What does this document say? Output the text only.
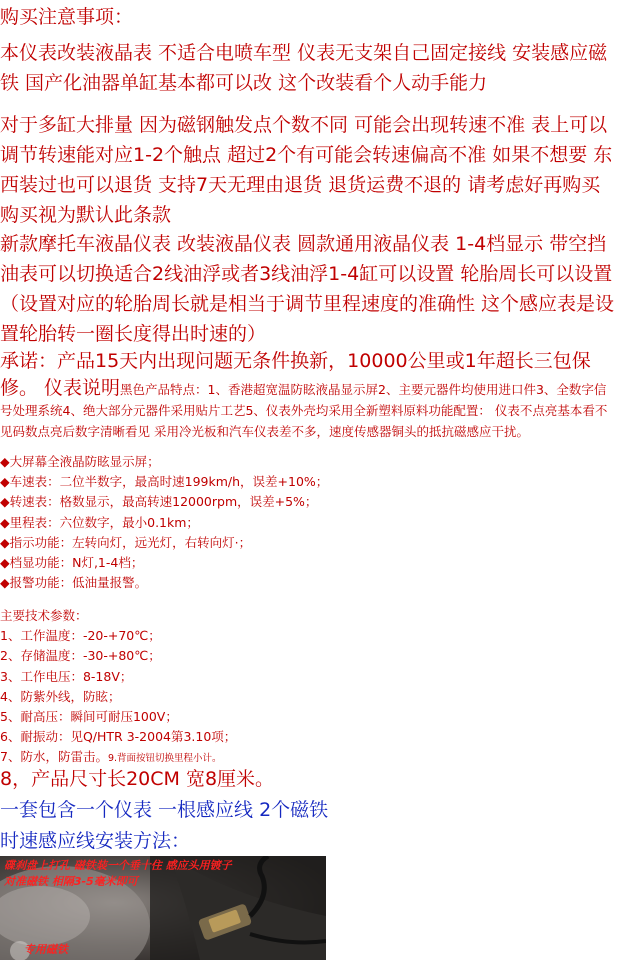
购买注意事项：

本仪表改装液晶表 不适合电喷车型 仪表无支架自己固定接线 安装感应磁铁 国产化油器单缸基本都可以改 这个改装看个人动手能力

对于多缸大排量 因为磁钢触发点个数不同 可能会出现转速不准 表上可以调节转速能对应1-2个触点 超过2个有可能会转速偏高不准 如果不想要 东西装过也可以退货 支持7天无理由退货 退货运费不退的 请考虑好再购买 购买视为默认此条款

新款摩托车液晶仪表 改装液晶仪表 圆款通用液晶仪表 1-4档显示 带空挡 油表可以切换适合2线油浮或者3线油浮1-4缸可以设置 轮胎周长可以设置（设置对应的轮胎周长就是相当于调节里程速度的准确性 这个感应表是设置轮胎转一圈长度得出时速的）

承诺：产品15天内出现问题无条件换新，10000公里或1年超长三包保修。 仪表说明黑色产品特点：1、香港超宽温防眩液晶显示屏2、主要元器件均使用进口件3、全数字信号处理系统4、绝大部分元器件采用贴片工艺5、仪表外壳均采用全新塑料原料功能配置： 仪表不点亮基本看不见码数点亮后数字清晰看见 采用冷光板和汽车仪表差不多，速度传感器铜头的抵抗磁感应干扰。

◆大屏幕全液晶防眩显示屏；
◆车速表：二位半数字，最高时速199km/h，误差+10%；
◆转速表：格数显示，最高转速12000rpm，误差+5%；
◆里程表：六位数字，最小0.1km；
◆指示功能：左转向灯，远光灯，右转向灯·；
◆档显功能：N灯,1-4档；
◆报警功能：低油量报警。
主要技术参数：
1、工作温度：-20-+70℃；
2、存储温度：-30-+80℃；
3、工作电压：8-18V；
4、防紫外线，防眩；
5、耐高压：瞬间可耐压100V；
6、耐振动：见Q/HTR 3-2004第3.10项；
7、防水，防雷击。9.背面按钮切换里程小计。
8，产品尺寸长20CM 宽8厘米。
一套包含一个仪表 一根感应线 2个磁铁
时速感应线安装方法：
碟刹盘上打孔 磁铁装一个垂十住 感应头用镀子
对准磁铁 相隔3-5毫米即可
专用磁铁
